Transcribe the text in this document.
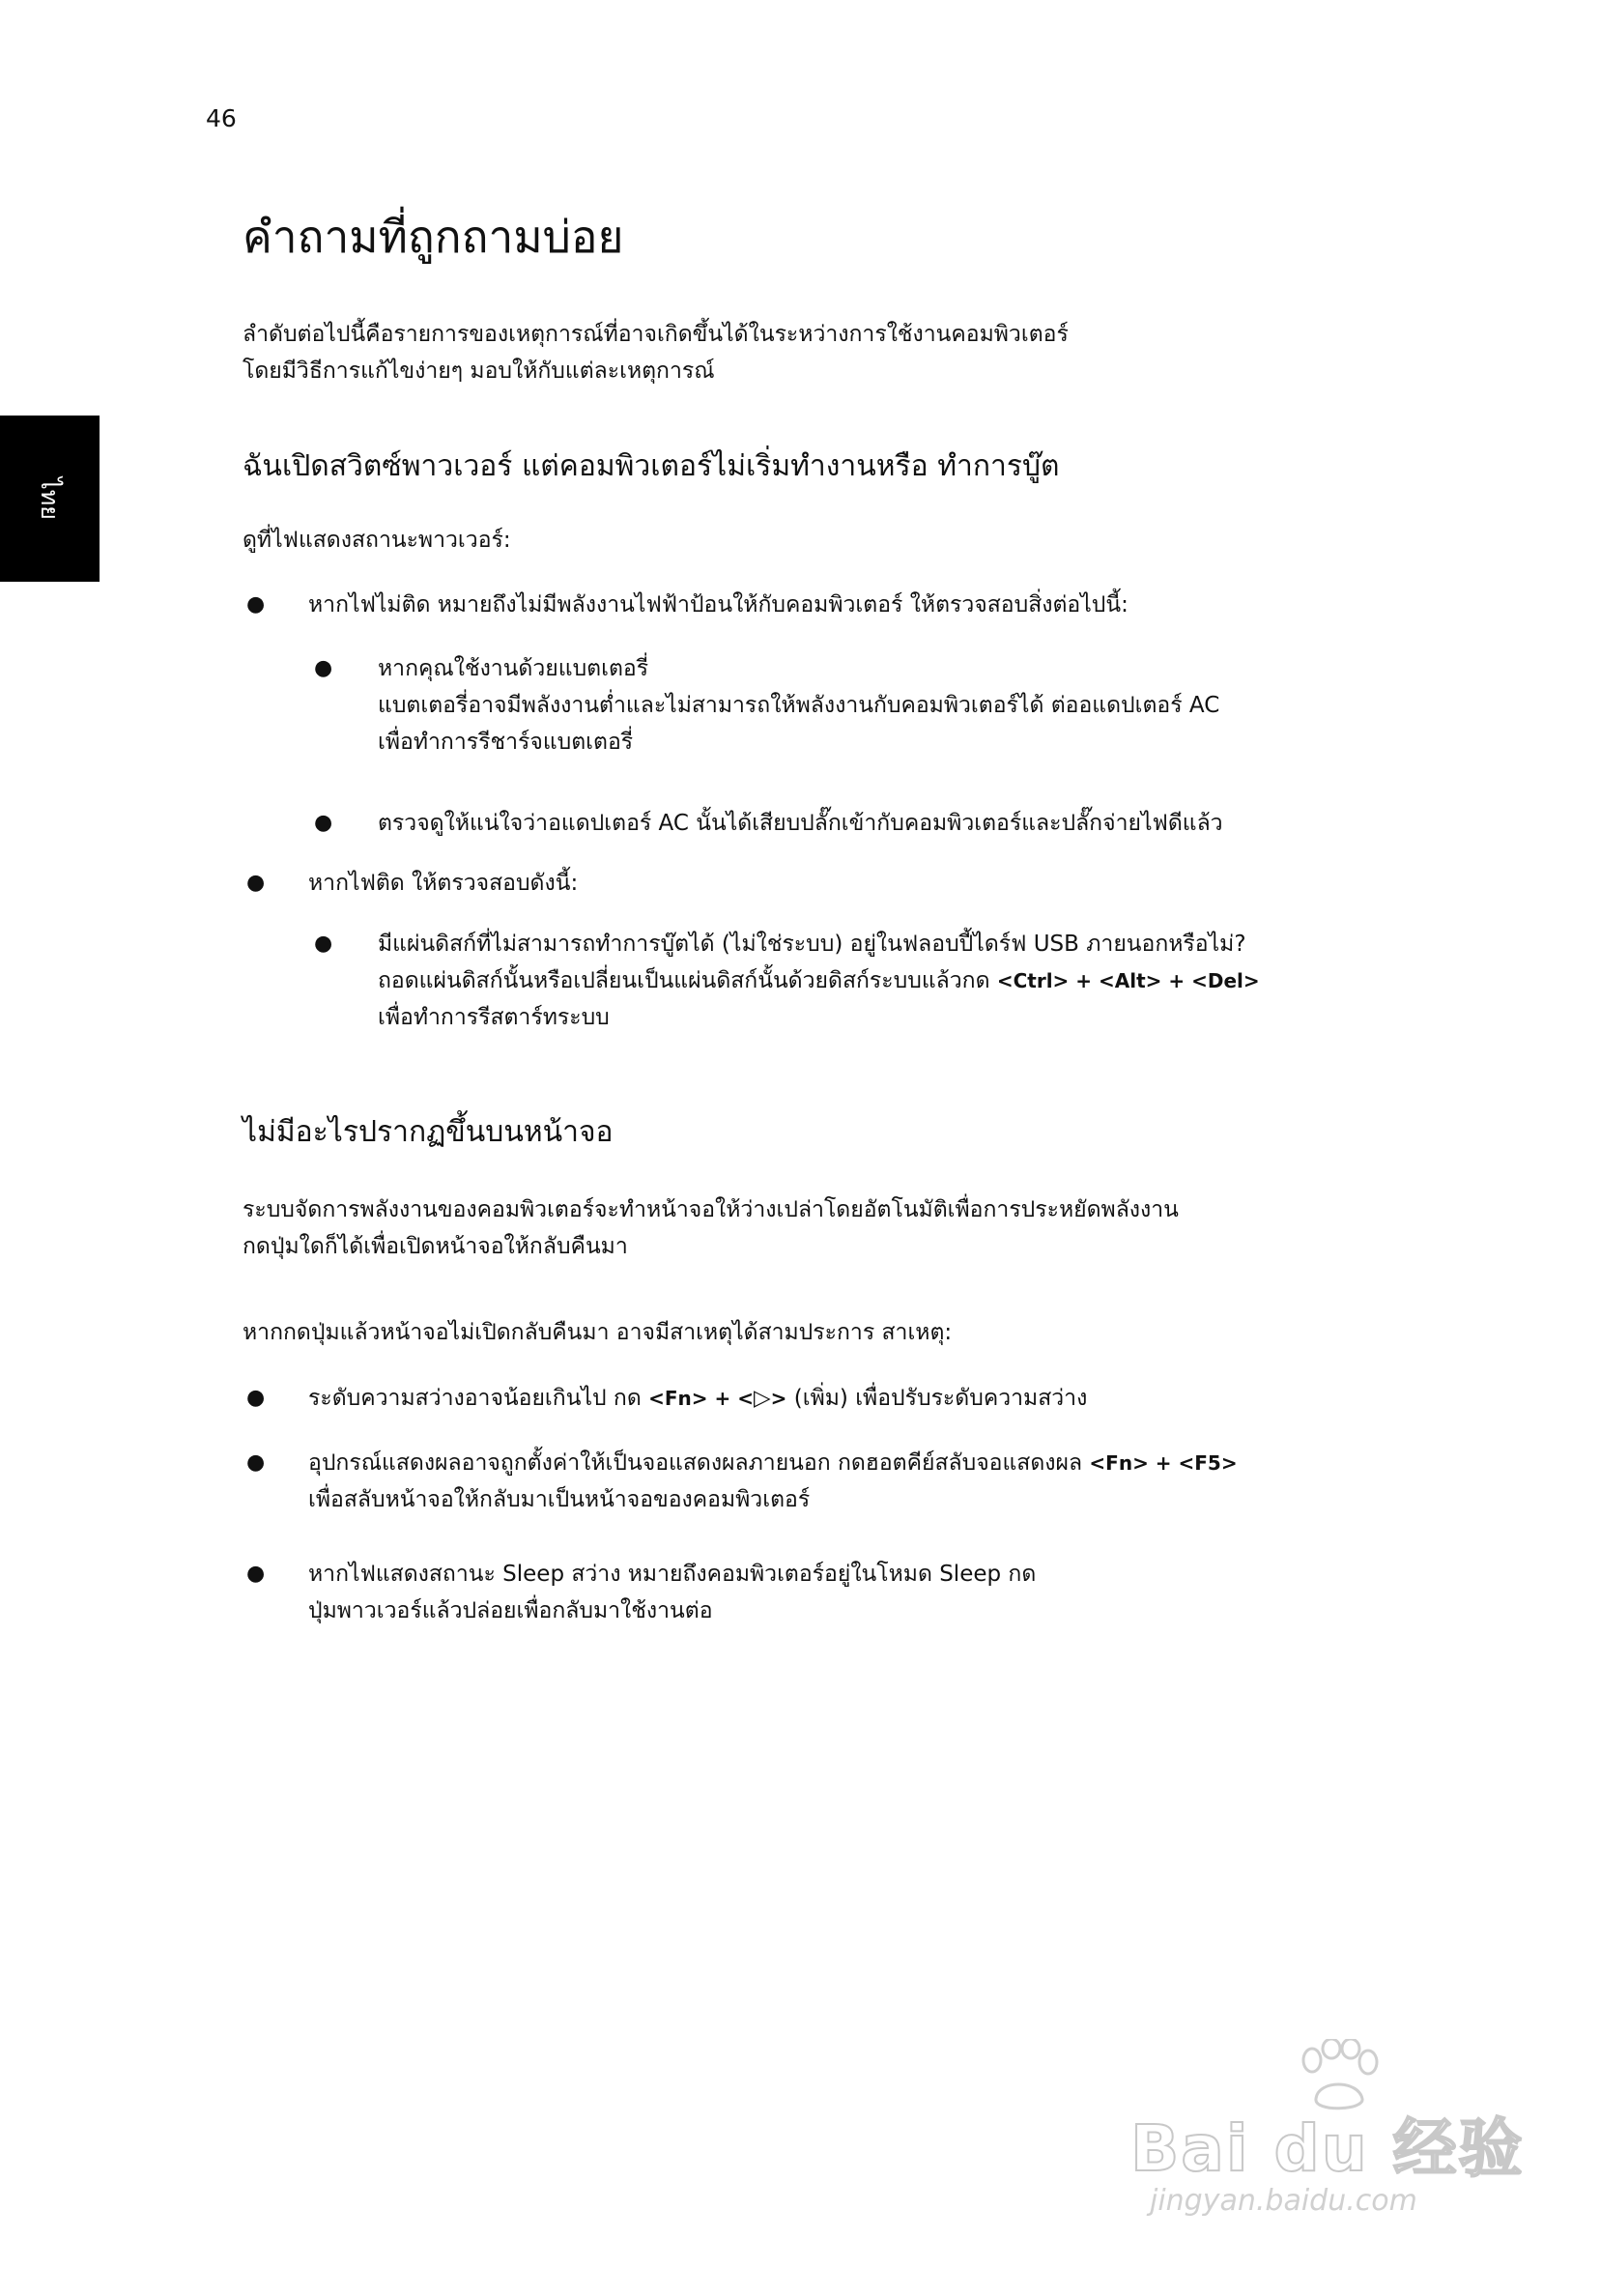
46
ไทย
คำถามที่ถูกถามบ่อย

ลำดับต่อไปนี้คือรายการของเหตุการณ์ที่อาจเกิดขึ้นได้ในระหว่างการใช้งานคอมพิวเตอร์

โดยมีวิธีการแก้ไขง่ายๆ มอบให้กับแต่ละเหตุการณ์

ฉันเปิดสวิตซ์พาวเวอร์ แต่คอมพิวเตอร์ไม่เริ่มทำงานหรือ ทำการบู๊ต

ดูที่ไฟแสดงสถานะพาวเวอร์:

● หากไฟไม่ติด หมายถึงไม่มีพลังงานไฟฟ้าป้อนให้กับคอมพิวเตอร์ ให้ตรวจสอบสิ่งต่อไปนี้:
● หากคุณใช้งานด้วยแบตเตอรี่
แบตเตอรี่อาจมีพลังงานต่ำและไม่สามารถให้พลังงานกับคอมพิวเตอร์ได้ ต่ออแดปเตอร์ AC
เพื่อทำการรีชาร์จแบตเตอรี่
● ตรวจดูให้แน่ใจว่าอแดปเตอร์ AC นั้นได้เสียบปลั๊กเข้ากับคอมพิวเตอร์และปลั๊กจ่ายไฟดีแล้ว
● หากไฟติด ให้ตรวจสอบดังนี้:
● มีแผ่นดิสก์ที่ไม่สามารถทำการบู๊ตได้ (ไม่ใช่ระบบ) อยู่ในฟลอบปี้ไดร์ฟ USB ภายนอกหรือไม่?
ถอดแผ่นดิสก์นั้นหรือเปลี่ยนเป็นแผ่นดิสก์นั้นด้วยดิสก์ระบบแล้วกด <Ctrl> + <Alt> + <Del>
เพื่อทำการรีสตาร์ทระบบ
ไม่มีอะไรปรากฏขึ้นบนหน้าจอ

ระบบจัดการพลังงานของคอมพิวเตอร์จะทำหน้าจอให้ว่างเปล่าโดยอัตโนมัติเพื่อการประหยัดพลังงาน

กดปุ่มใดก็ได้เพื่อเปิดหน้าจอให้กลับคืนมา

หากกดปุ่มแล้วหน้าจอไม่เปิดกลับคืนมา อาจมีสาเหตุได้สามประการ สาเหตุ:

● ระดับความสว่างอาจน้อยเกินไป กด <Fn> + <▷> (เพิ่ม) เพื่อปรับระดับความสว่าง
● อุปกรณ์แสดงผลอาจถูกตั้งค่าให้เป็นจอแสดงผลภายนอก กดฮอตคีย์สลับจอแสดงผล <Fn> + <F5>
เพื่อสลับหน้าจอให้กลับมาเป็นหน้าจอของคอมพิวเตอร์
● หากไฟแสดงสถานะ Sleep สว่าง หมายถึงคอมพิวเตอร์อยู่ในโหมด Sleep กด
ปุ่มพาวเวอร์แล้วปล่อยเพื่อกลับมาใช้งานต่อ
Bai du 经验
jingyan.baidu.com
